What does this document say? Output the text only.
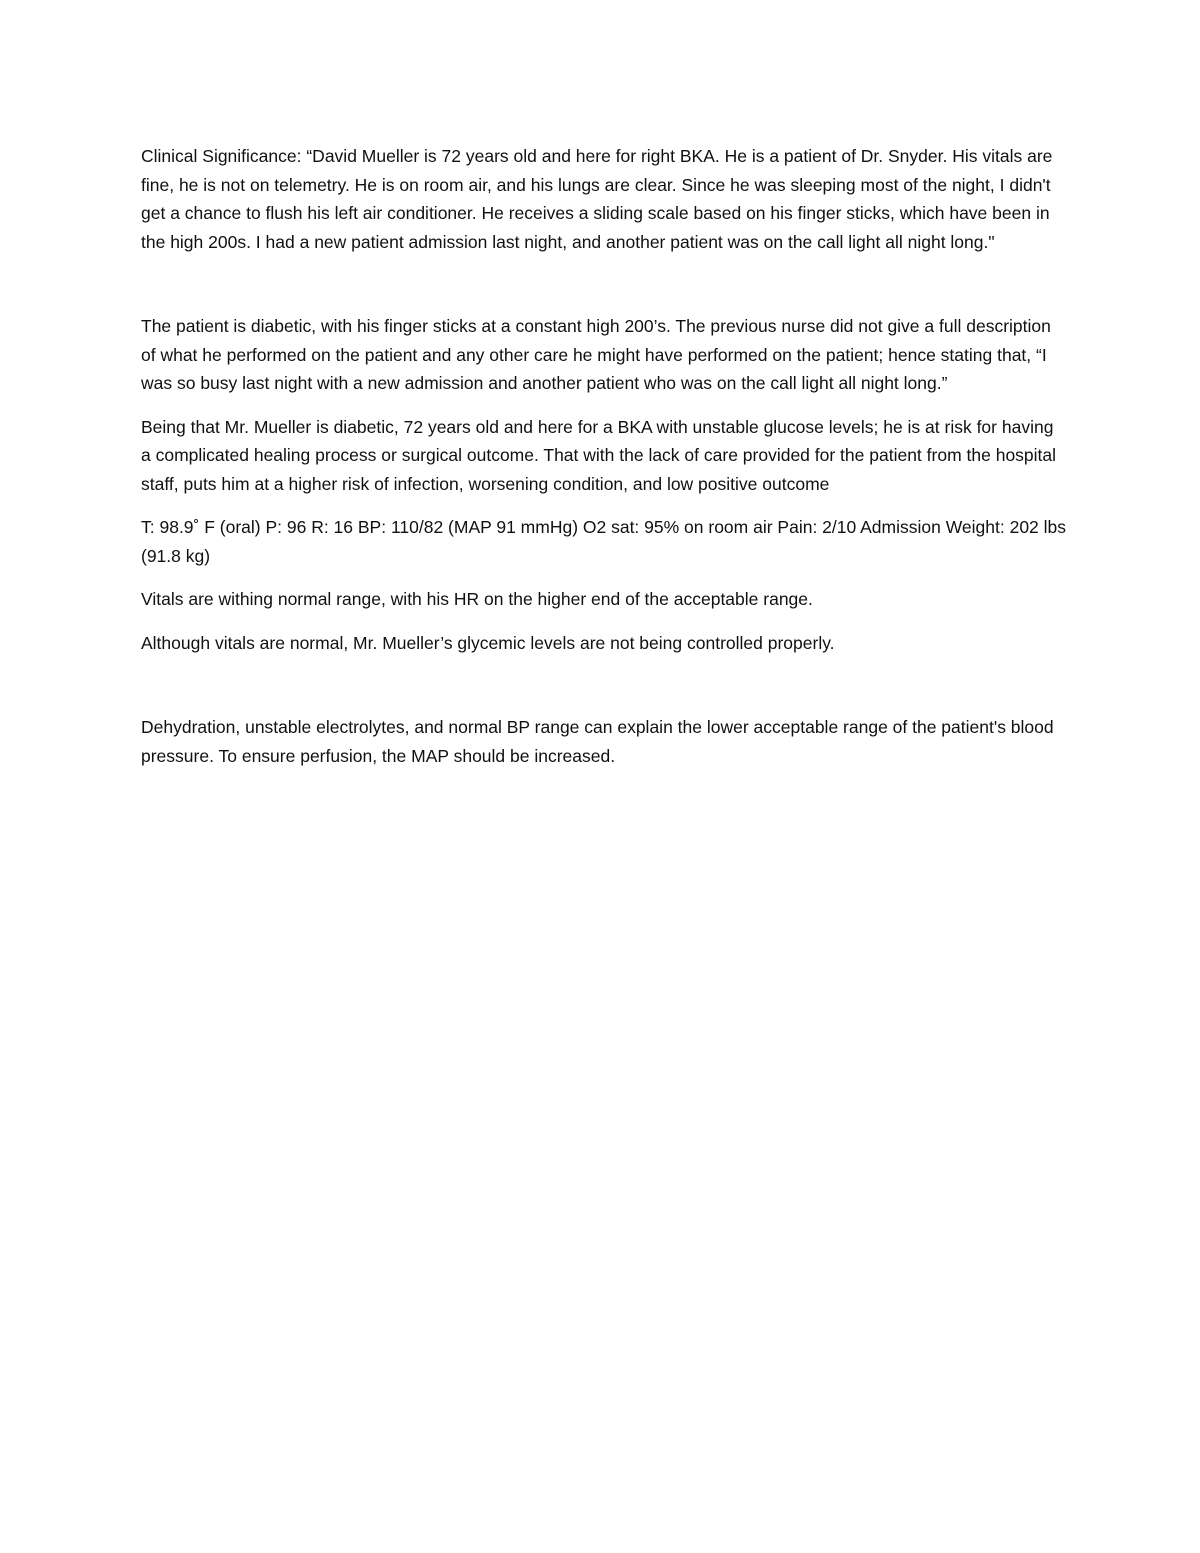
Clinical Significance: “David Mueller is 72 years old and here for right BKA. He is a patient of Dr. Snyder. His vitals are fine, he is not on telemetry. He is on room air, and his lungs are clear. Since he was sleeping most of the night, I didn't get a chance to flush his left air conditioner. He receives a sliding scale based on his finger sticks, which have been in the high 200s. I had a new patient admission last night, and another patient was on the call light all night long."

The patient is diabetic, with his finger sticks at a constant high 200’s. The previous nurse did not give a full description of what he performed on the patient and any other care he might have performed on the patient; hence stating that, “I was so busy last night with a new admission and another patient who was on the call light all night long.”

Being that Mr. Mueller is diabetic, 72 years old and here for a BKA with unstable glucose levels; he is at risk for having a complicated healing process or surgical outcome. That with the lack of care provided for the patient from the hospital staff, puts him at a higher risk of infection, worsening condition, and low positive outcome

T: 98.9˚ F (oral) P: 96 R: 16 BP: 110/82 (MAP 91 mmHg) O2 sat: 95% on room air Pain: 2/10 Admission Weight: 202 lbs (91.8 kg)

Vitals are withing normal range, with his HR on the higher end of the acceptable range.

Although vitals are normal, Mr. Mueller’s glycemic levels are not being controlled properly.

Dehydration, unstable electrolytes, and normal BP range can explain the lower acceptable range of the patient's blood pressure. To ensure perfusion, the MAP should be increased.
